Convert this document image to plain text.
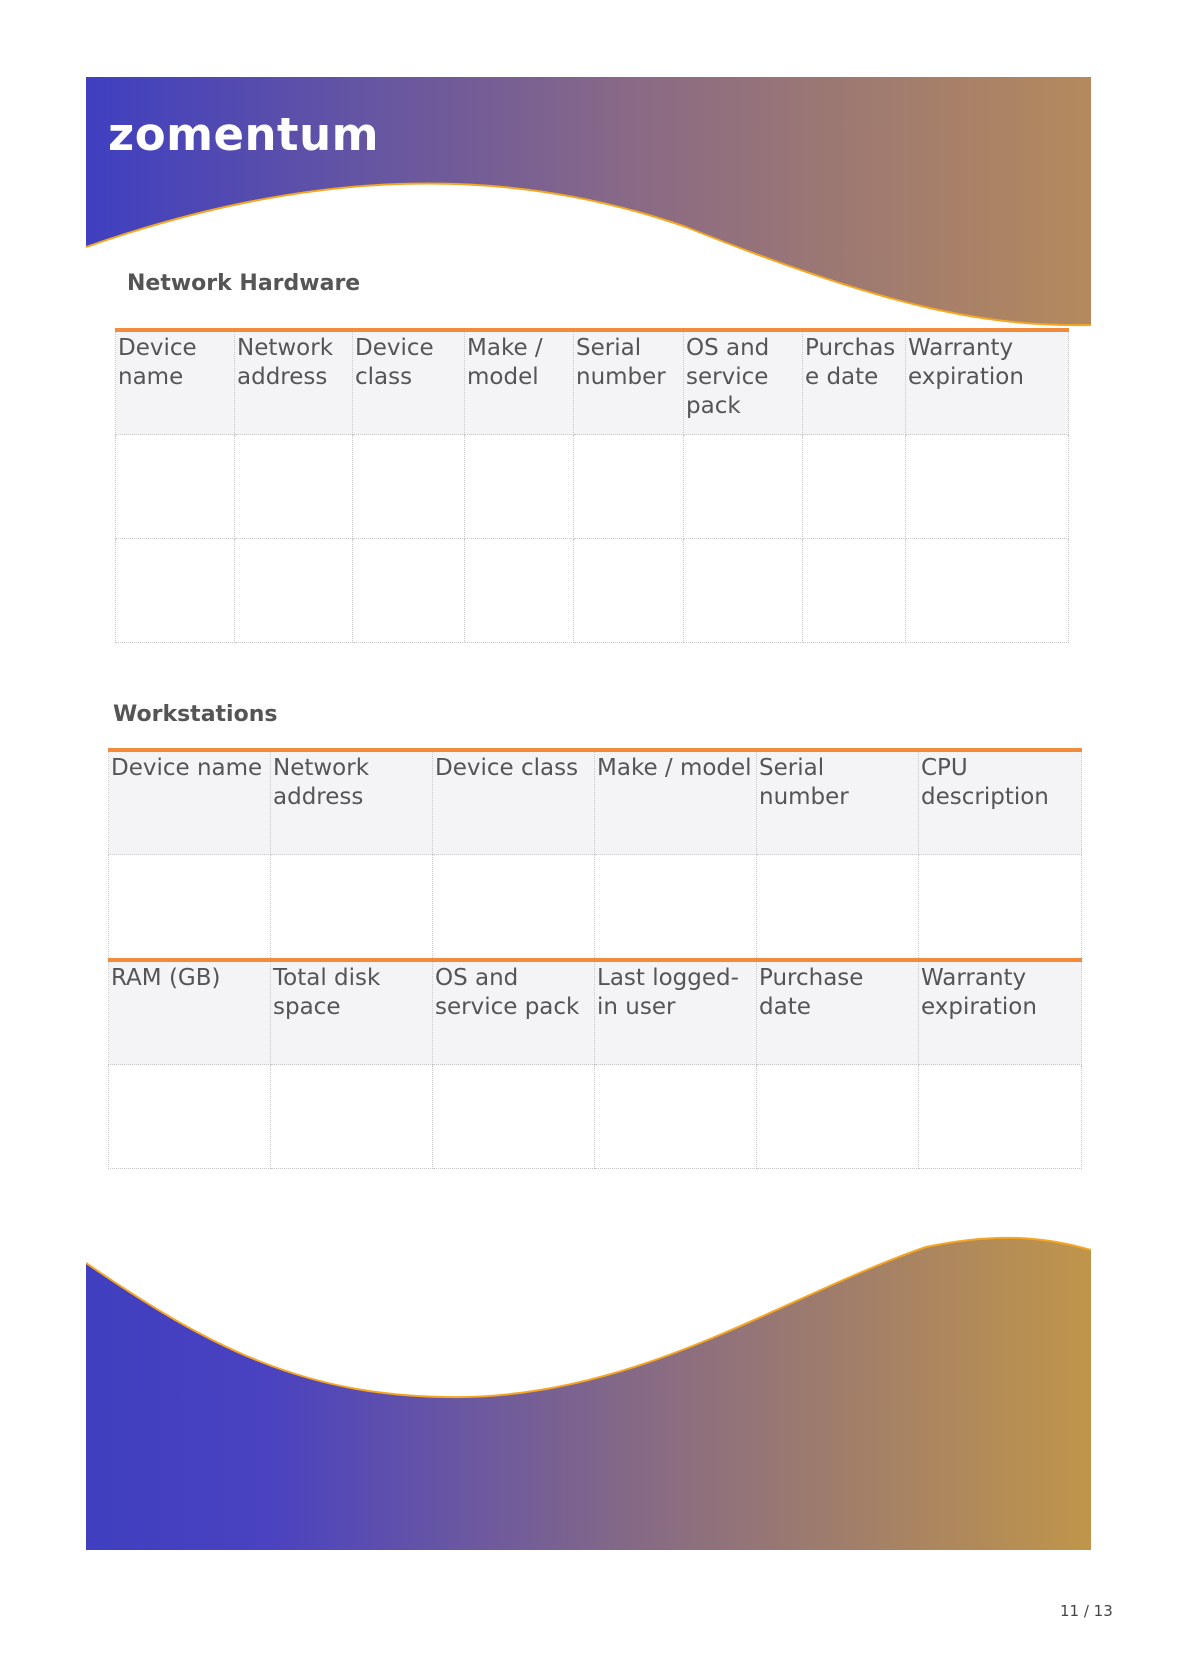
zomentum
Network Hardware
Device name	Network address	Device class	Make / model	Serial number	OS and service pack	Purchas e date	Warranty expiration

Workstations
Device name	Network address	Device class	Make / model	Serial number	CPU description

RAM (GB)	Total disk space	OS and service pack	Last logged-in user	Purchase date	Warranty expiration

11 / 13
